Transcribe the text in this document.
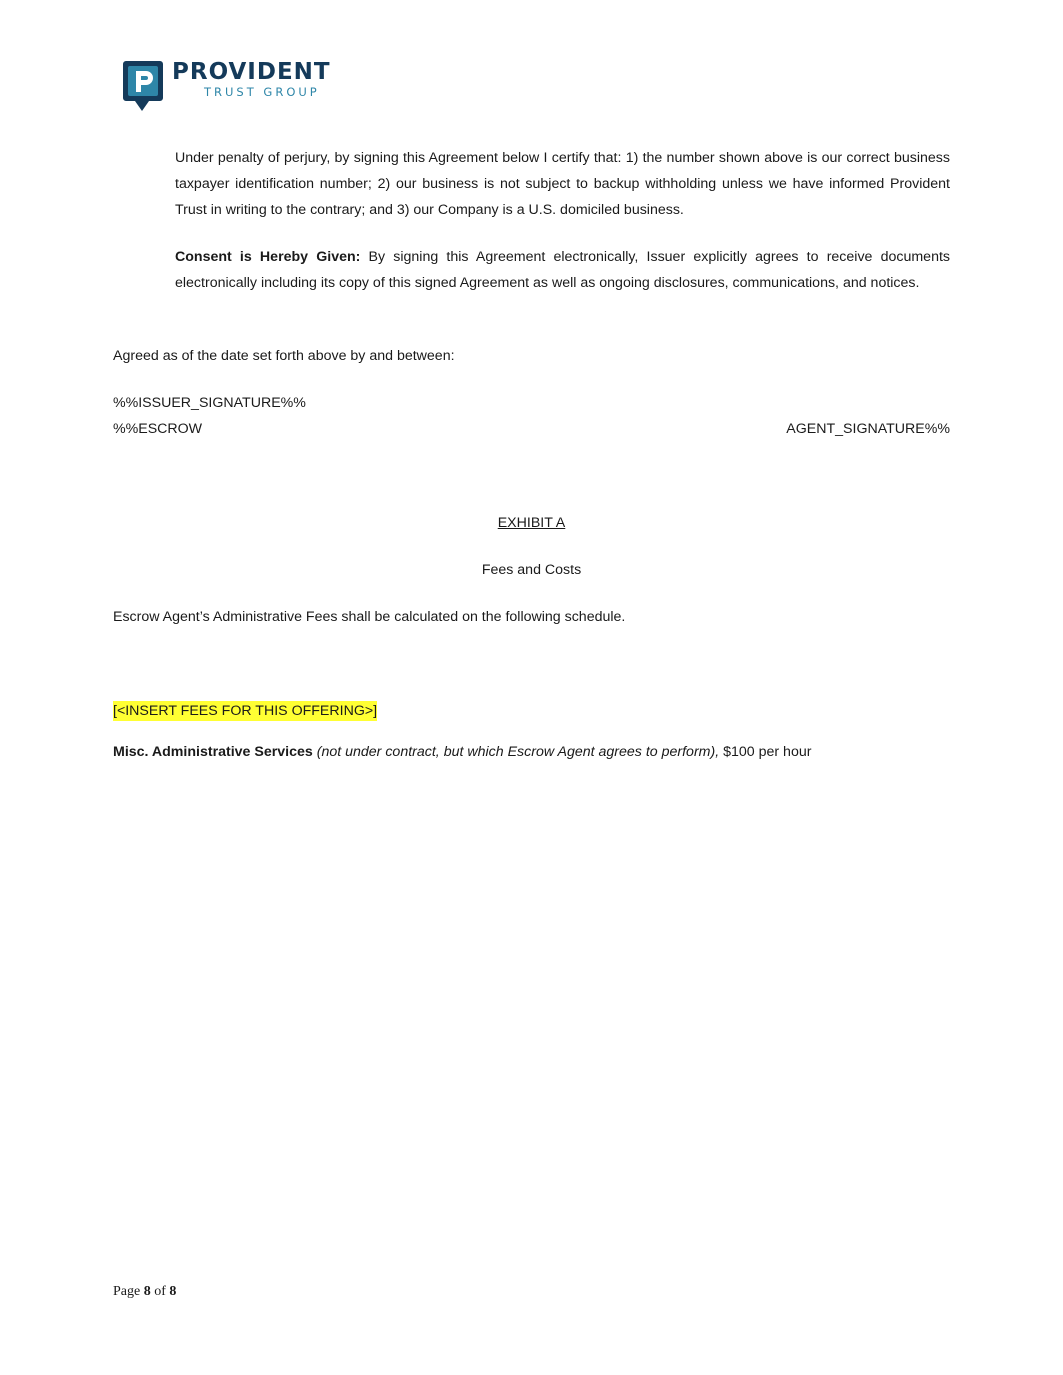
PROVIDENT
TRUST GROUP

Under penalty of perjury, by signing this Agreement below I certify that: 1) the number shown above is our correct business taxpayer identification number; 2) our business is not subject to backup withholding unless we have informed Provident Trust in writing to the contrary; and 3) our Company is a U.S. domiciled business.

Consent is Hereby Given: By signing this Agreement electronically, Issuer explicitly agrees to receive documents electronically including its copy of this signed Agreement as well as ongoing disclosures, communications, and notices.

Agreed as of the date set forth above by and between:

%%ISSUER_SIGNATURE%%

%%ESCROW	AGENT_SIGNATURE%%

EXHIBIT A

Fees and Costs

Escrow Agent’s Administrative Fees shall be calculated on the following schedule.

[<INSERT FEES FOR THIS OFFERING>]

Misc. Administrative Services (not under contract, but which Escrow Agent agrees to perform), $100 per hour

Page 8 of 8
